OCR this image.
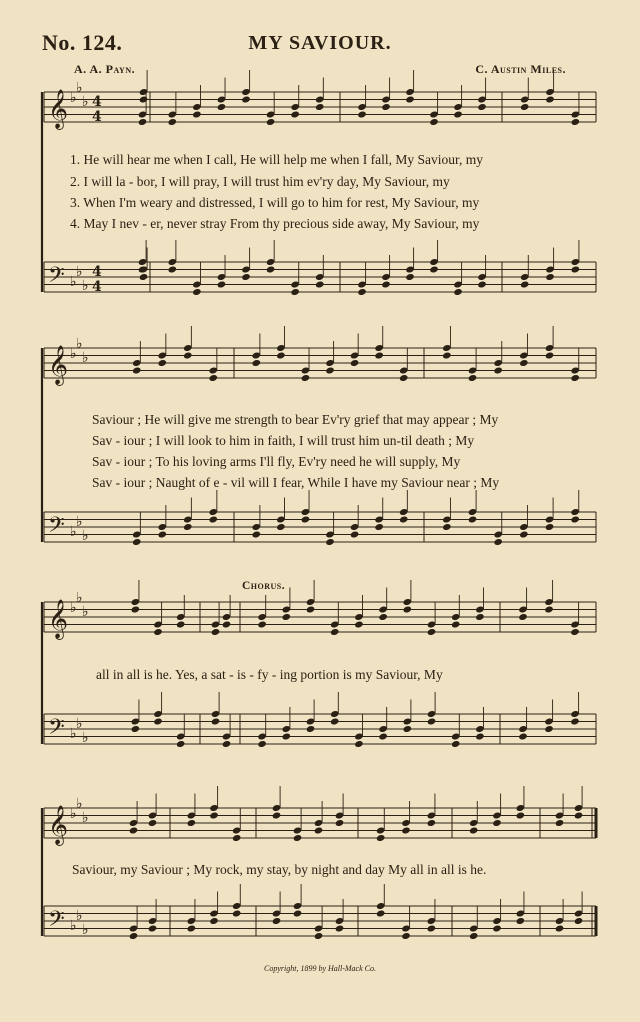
𝄞 ♭
♭
♭ 4
4
𝄢 ♭
♭
♭
4
4
𝄞 ♭
♭
♭
𝄢 ♭
♭
♭
𝄞 ♭
♭
♭
𝄢 ♭
♭
♭
𝄞 ♭
♭
♭
𝄢 ♭
♭
♭
No. 124.	MY SAVIOUR.
A. A. Payn.	C. Austin Miles.
1. He will hear me when I call, He will help me when I fall, My Saviour, my
2. I will la - bor, I will pray, I will trust him ev'ry day, My Saviour, my
3. When I'm weary and distressed, I will go to him for rest, My Saviour, my
4. May I nev - er, never stray From thy precious side away, My Saviour, my
Saviour ; He will give me strength to bear Ev'ry grief that may appear ; My
Sav - iour ; I will look to him in faith, I will trust him un-til death ; My
Sav - iour ; To his loving arms I'll fly, Ev'ry need he will supply, My
Sav - iour ; Naught of e - vil will I fear, While I have my Saviour near ; My
Chorus.
all in all is he. Yes, a sat - is - fy - ing portion is my Saviour, My
Saviour, my Saviour ; My rock, my stay, by night and day My all in all is he.
Copyright, 1899 by Hall-Mack Co.
